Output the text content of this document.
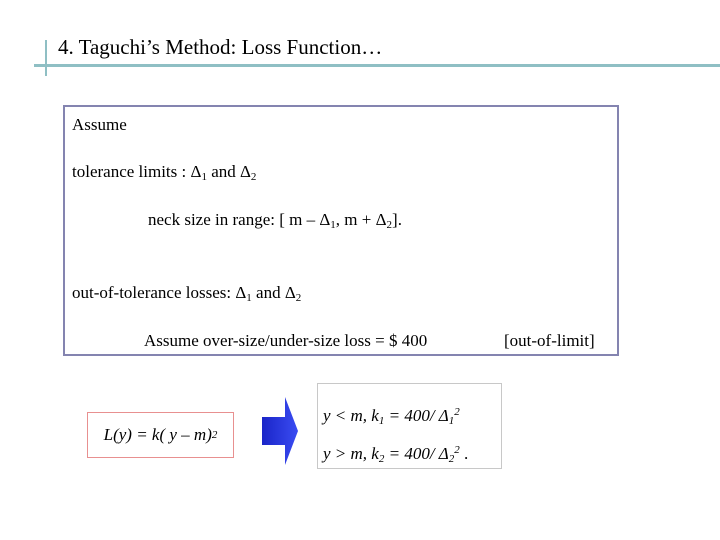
4. Taguchi’s Method: Loss Function…
Assume
tolerance limits : $\Delta_1$ and $\Delta_2$
neck size in range: [ m – $\Delta_1$, $m + \Delta_2$].
out-of-tolerance losses: $\Delta_1$ and $\Delta_2$
Assume over-size/under-size loss = $ 400	[out-of-limit]
L(y) = k( y – m) 2
y < m, $k_1 = 400/$ $\Delta_1^2$
y > m, $k_2 = 400/$ $\Delta_2^2$ .
